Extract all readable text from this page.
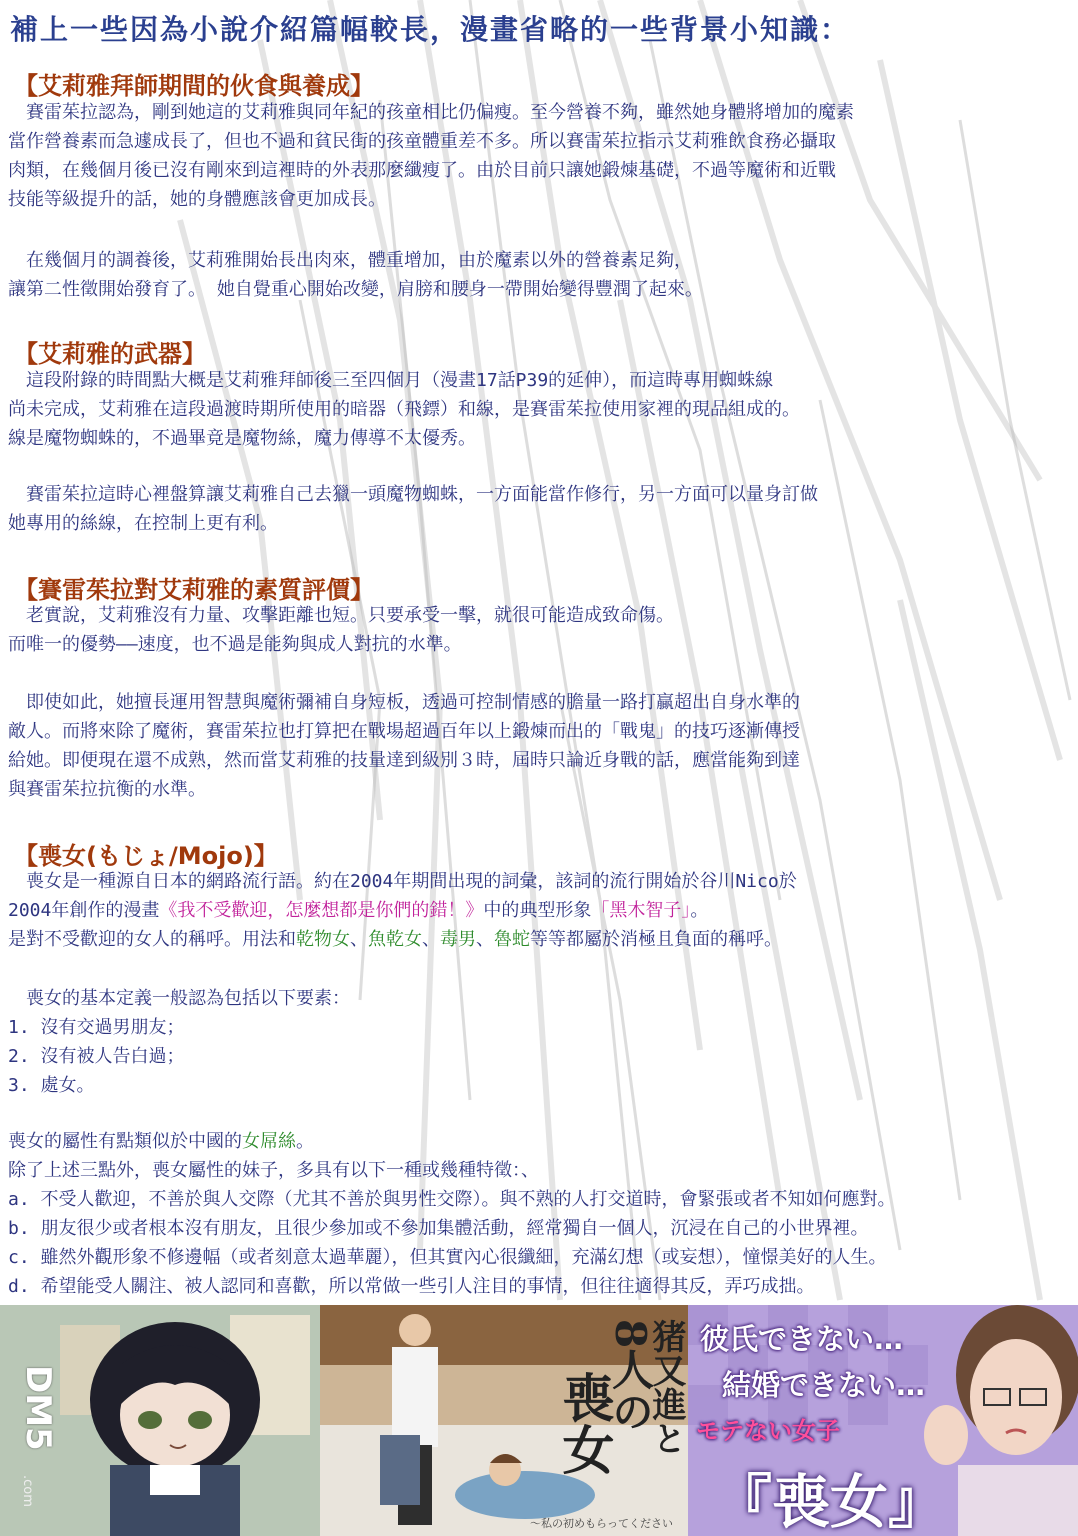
補上一些因為小說介紹篇幅較長，漫畫省略的一些背景小知識：
【艾莉雅拜師期間的伙食與養成】
　賽雷茱拉認為，剛到她這的艾莉雅與同年紀的孩童相比仍偏瘦。至今營養不夠，雖然她身體將增加的魔素
當作營養素而急遽成長了，但也不過和貧民街的孩童體重差不多。所以賽雷茱拉指示艾莉雅飲食務必攝取
肉類，在幾個月後已沒有剛來到這裡時的外表那麼纖瘦了。由於目前只讓她鍛煉基礎，不過等魔術和近戰
技能等級提升的話，她的身體應該會更加成長。
　在幾個月的調養後，艾莉雅開始長出肉來，體重增加，由於魔素以外的營養素足夠，
讓第二性徵開始發育了。 她自覺重心開始改變，肩膀和腰身一帶開始變得豐潤了起來。
【艾莉雅的武器】
　這段附錄的時間點大概是艾莉雅拜師後三至四個月（漫畫17話P39的延伸），而這時專用蜘蛛線
尚未完成，艾莉雅在這段過渡時期所使用的暗器（飛鏢）和線，是賽雷茱拉使用家裡的現品組成的。
線是魔物蜘蛛的，不過畢竟是魔物絲，魔力傳導不太優秀。
　賽雷茱拉這時心裡盤算讓艾莉雅自己去獵一頭魔物蜘蛛，一方面能當作修行，另一方面可以量身訂做
她專用的絲線，在控制上更有利。
【賽雷茱拉對艾莉雅的素質評價】
　老實說，艾莉雅沒有力量、攻擊距離也短。只要承受一擊，就很可能造成致命傷。
而唯一的優勢——速度，也不過是能夠與成人對抗的水準。
　即使如此，她擅長運用智慧與魔術彌補自身短板，透過可控制情感的膽量一路打贏超出自身水準的
敵人。而將來除了魔術，賽雷茱拉也打算把在戰場超過百年以上鍛煉而出的「戰鬼」的技巧逐漸傳授
給她。即便現在還不成熟，然而當艾莉雅的技量達到級別３時，屆時只論近身戰的話，應當能夠到達
與賽雷茱拉抗衡的水準。
【喪女(もじょ/Mojo)】
　喪女是一種源自日本的網路流行語。約在2004年期間出現的詞彙，該詞的流行開始於谷川Nico於
2004年創作的漫畫《我不受歡迎，怎麼想都是你們的錯！》中的典型形象「黑木智子」。
是對不受歡迎的女人的稱呼。用法和乾物女、魚乾女、毒男、魯蛇等等都屬於消極且負面的稱呼。
　喪女的基本定義一般認為包括以下要素：
1. 沒有交過男朋友；
2. 沒有被人告白過；
3. 處女。
喪女的屬性有點類似於中國的女屌絲。
除了上述三點外，喪女屬性的妹子，多具有以下一種或幾種特徵：、
a. 不受人歡迎，不善於與人交際（尤其不善於與男性交際）。與不熟的人打交道時，會緊張或者不知如何應對。
b. 朋友很少或者根本沒有朋友，且很少參加或不參加集體活動，經常獨自一個人，沉浸在自己的小世界裡。
c. 雖然外觀形象不修邊幅（或者刻意太過華麗），但其實內心很纖細，充滿幻想（或妄想），憧憬美好的人生。
d. 希望能受人關注、被人認同和喜歡，所以常做一些引人注目的事情，但往往適得其反，弄巧成拙。
DM5
.com
猪又進と
8人の
喪女
～私の初めもらってください
彼氏できない…
結婚できない…
モテない女子
『喪女』
